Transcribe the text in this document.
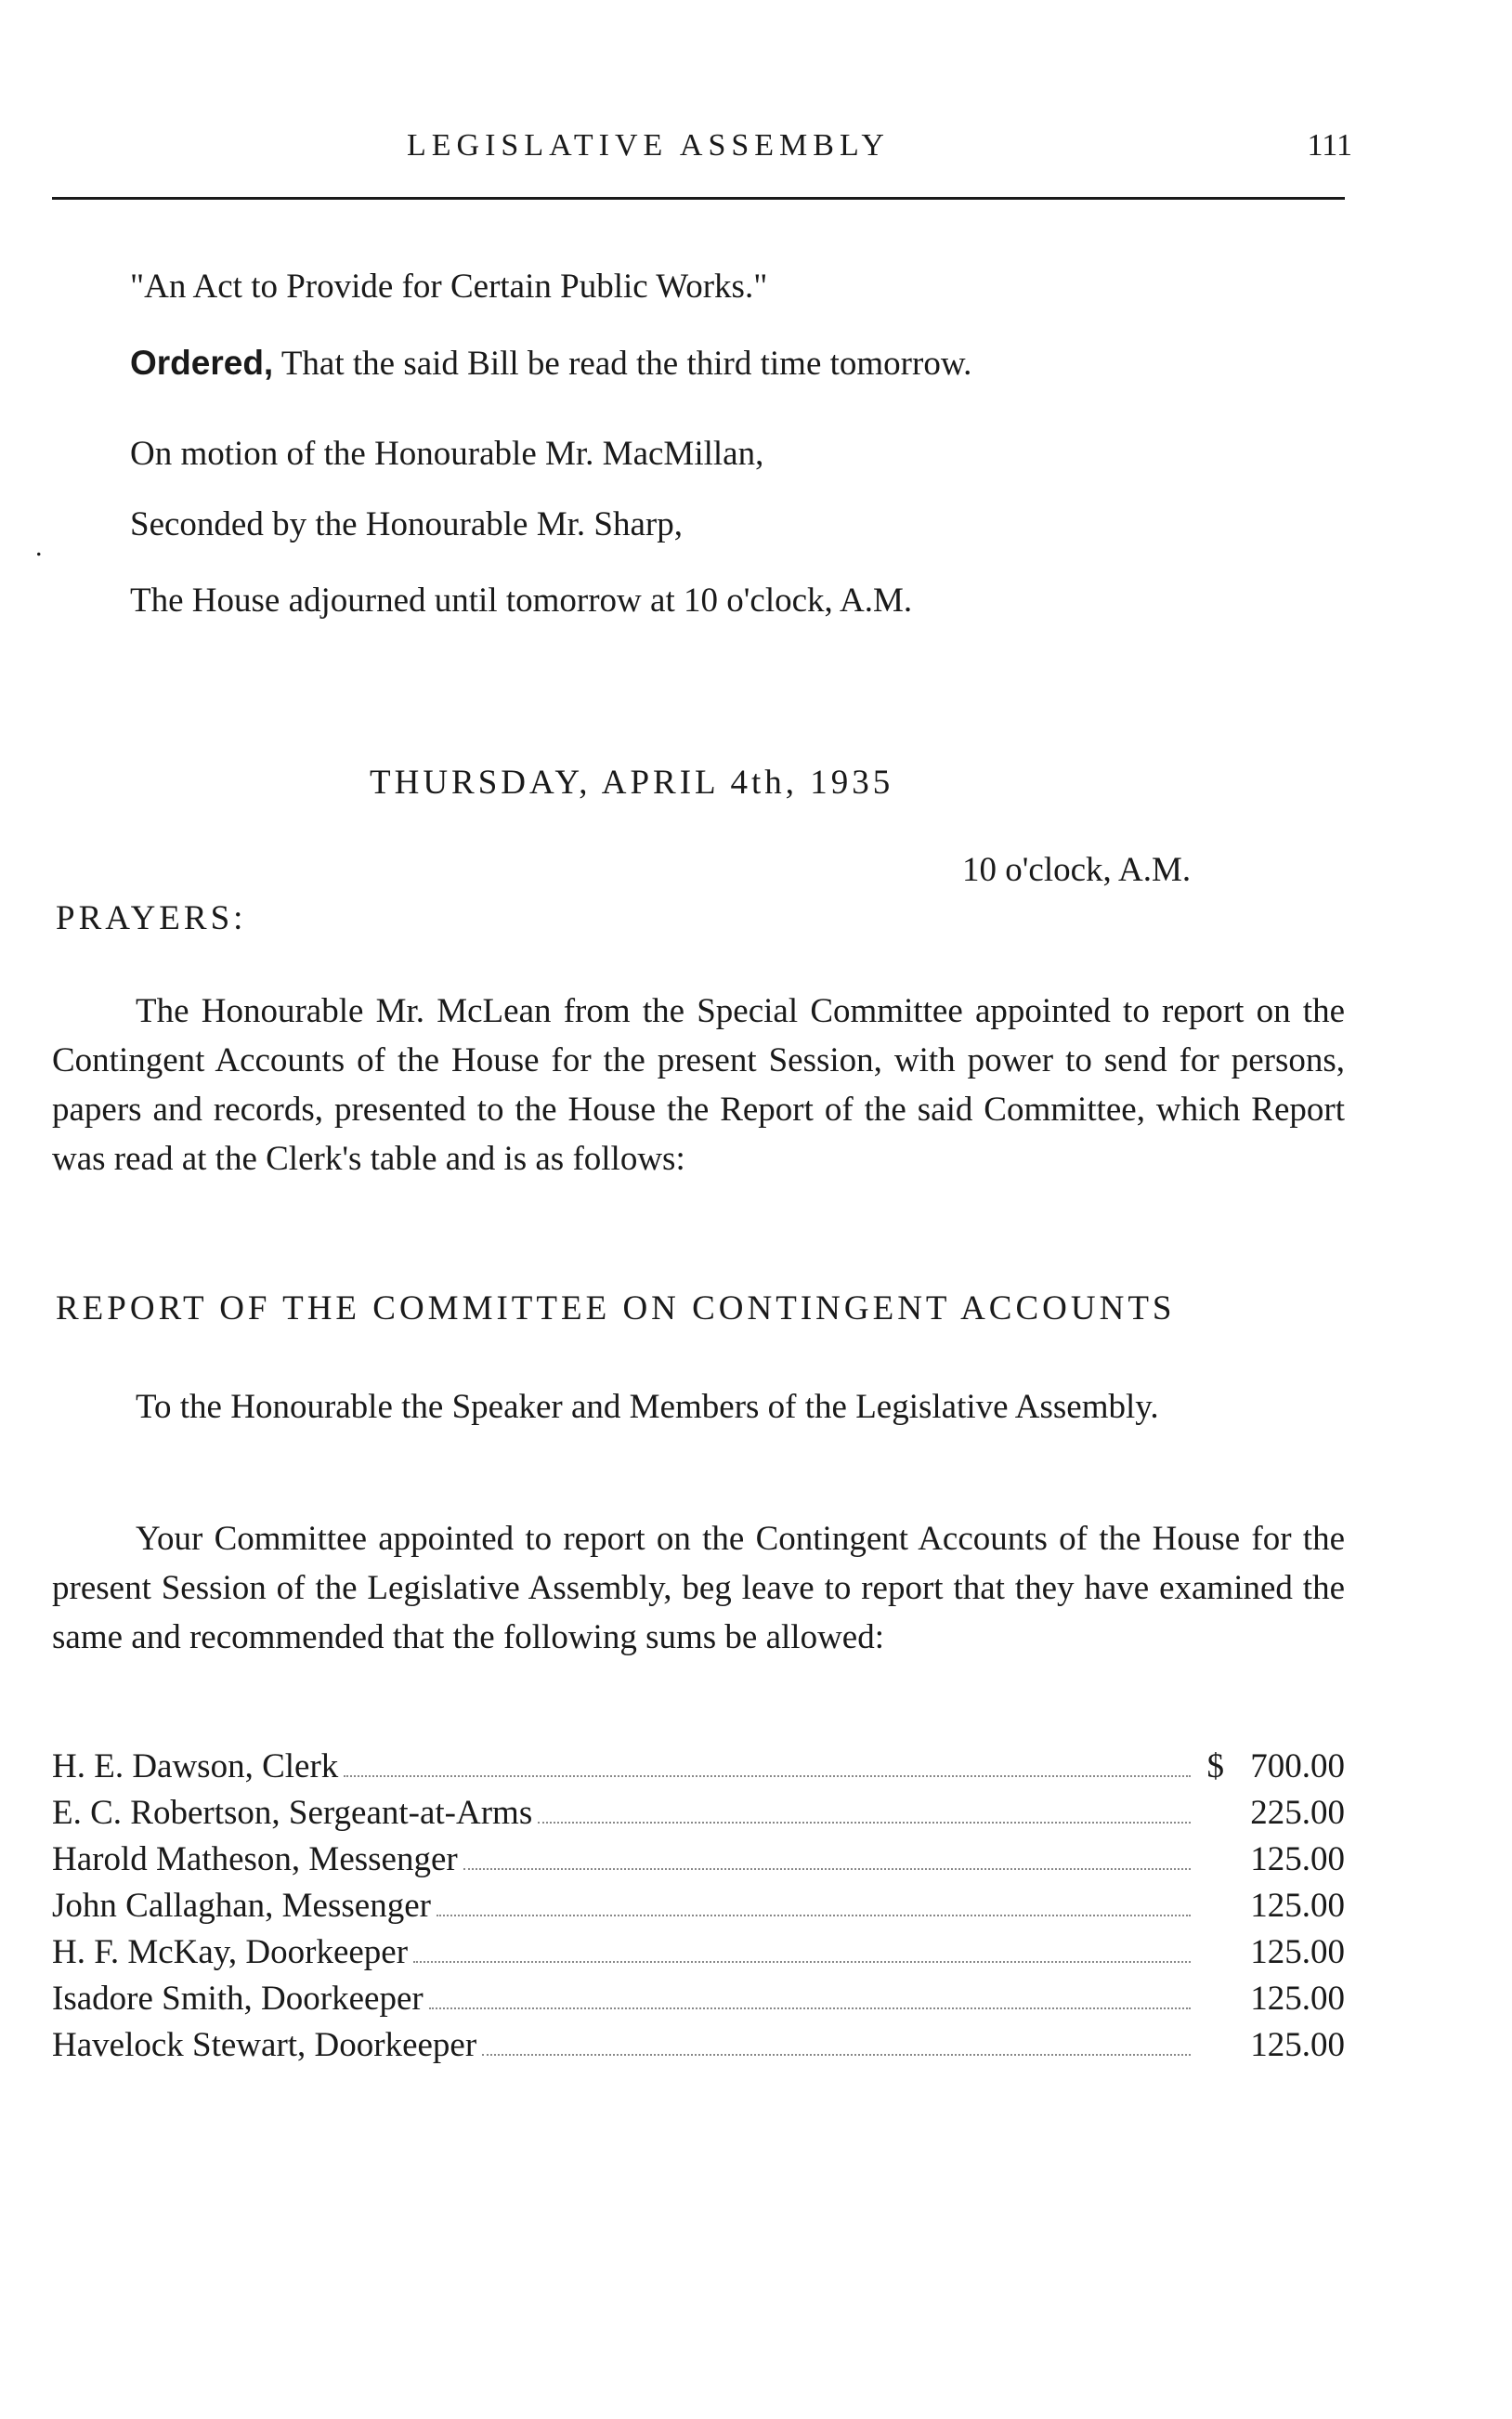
LEGISLATIVE ASSEMBLY	111
"An Act to Provide for Certain Public Works."
Ordered, That the said Bill be read the third time tomorrow.
On motion of the Honourable Mr. MacMillan,
.
Seconded by the Honourable Mr. Sharp,
The House adjourned until tomorrow at 10 o'clock, A.M.
THURSDAY, APRIL 4th, 1935
10 o'clock, A.M.
PRAYERS:
The Honourable Mr. McLean from the Special Committee appointed to report on the Contingent Accounts of the House for the present Session, with power to send for persons, papers and records, presented to the House the Report of the said Committee, which Report was read at the Clerk's table and is as follows:
REPORT OF THE COMMITTEE ON CONTINGENT ACCOUNTS
To the Honourable the Speaker and Members of the Legislative Assembly.
Your Committee appointed to report on the Contingent Accounts of the House for the present Session of the Legislative Assembly, beg leave to report that they have examined the same and recommended that the following sums be allowed:
H. E. Dawson, Clerk	$ 700.00
E. C. Robertson, Sergeant-at-Arms	225.00
Harold Matheson, Messenger	125.00
John Callaghan, Messenger	125.00
H. F. McKay, Doorkeeper	125.00
Isadore Smith, Doorkeeper	125.00
Havelock Stewart, Doorkeeper	125.00
